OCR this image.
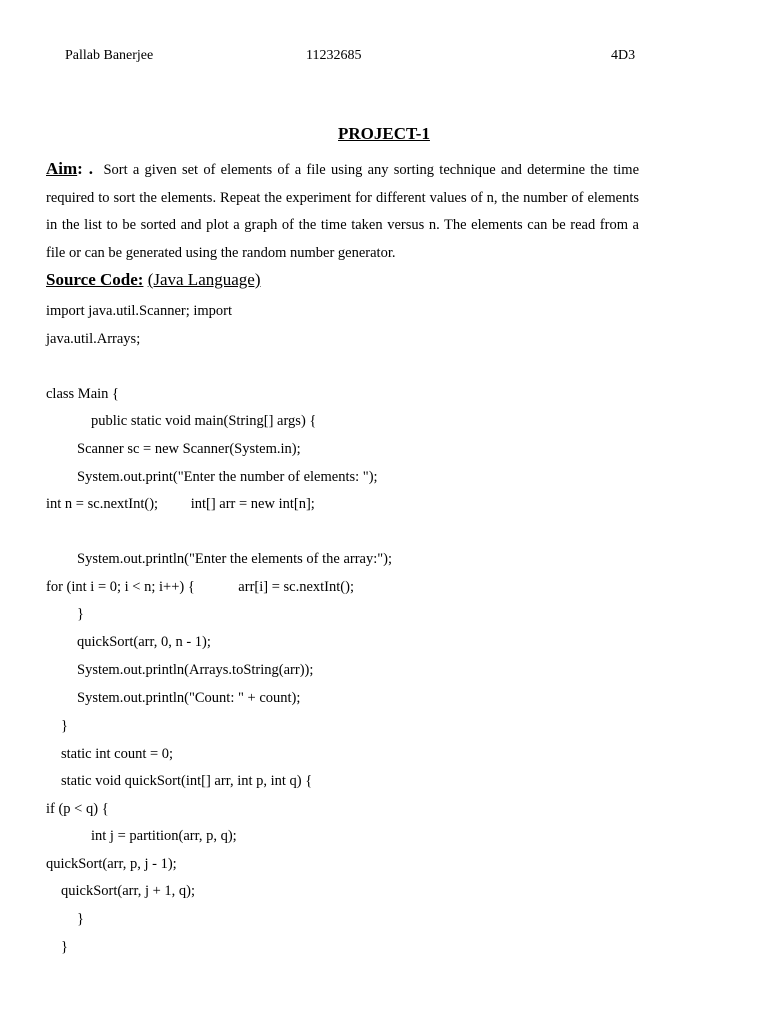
Pallab Banerjee	11232685	4D3
PROJECT-1
Aim: . Sort a given set of elements of a file using any sorting technique and determine the time required to sort the elements. Repeat the experiment for different values of n, the number of elements in the list to be sorted and plot a graph of the time taken versus n. The elements can be read from a file or can be generated using the random number generator.
Source Code: (Java Language)
import java.util.Scanner; import
java.util.Arrays;
class Main {
public static void main(String[] args) {
Scanner sc = new Scanner(System.in);
System.out.print("Enter the number of elements: ");
int n = sc.nextInt();         int[] arr = new int[n];
System.out.println("Enter the elements of the array:");
for (int i = 0; i < n; i++) {            arr[i] = sc.nextInt();
}
quickSort(arr, 0, n - 1);
System.out.println(Arrays.toString(arr));
System.out.println("Count: " + count);
}
static int count = 0;
static void quickSort(int[] arr, int p, int q) {
if (p < q) {
int j = partition(arr, p, q);
quickSort(arr, p, j - 1);
quickSort(arr, j + 1, q);
}
}
